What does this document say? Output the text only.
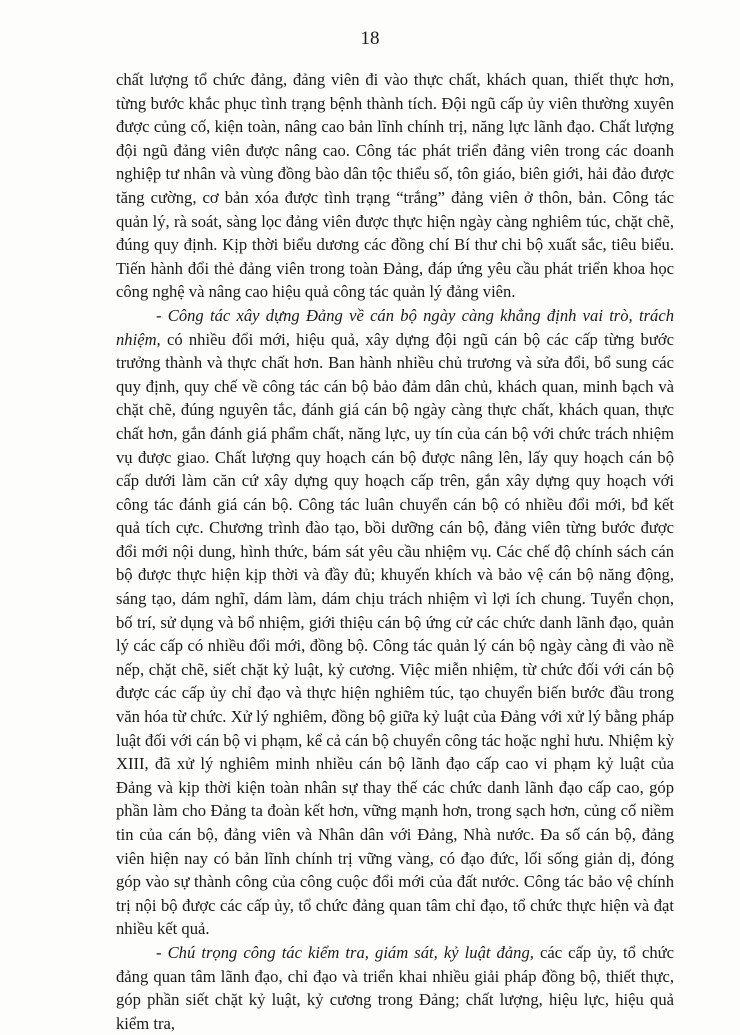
18

chất lượng tổ chức đảng, đảng viên đi vào thực chất, khách quan, thiết thực hơn, từng bước khắc phục tình trạng bệnh thành tích. Đội ngũ cấp ủy viên thường xuyên được củng cố, kiện toàn, nâng cao bản lĩnh chính trị, năng lực lãnh đạo. Chất lượng đội ngũ đảng viên được nâng cao. Công tác phát triển đảng viên trong các doanh nghiệp tư nhân và vùng đồng bào dân tộc thiểu số, tôn giáo, biên giới, hải đảo được tăng cường, cơ bản xóa được tình trạng “trắng” đảng viên ở thôn, bản. Công tác quản lý, rà soát, sàng lọc đảng viên được thực hiện ngày càng nghiêm túc, chặt chẽ, đúng quy định. Kịp thời biểu dương các đồng chí Bí thư chi bộ xuất sắc, tiêu biểu. Tiến hành đổi thẻ đảng viên trong toàn Đảng, đáp ứng yêu cầu phát triển khoa học công nghệ và nâng cao hiệu quả công tác quản lý đảng viên.

- Công tác xây dựng Đảng về cán bộ ngày càng khẳng định vai trò, trách nhiệm, có nhiều đổi mới, hiệu quả, xây dựng đội ngũ cán bộ các cấp từng bước trưởng thành và thực chất hơn. Ban hành nhiều chủ trương và sửa đổi, bổ sung các quy định, quy chế về công tác cán bộ bảo đảm dân chủ, khách quan, minh bạch và chặt chẽ, đúng nguyên tắc, đánh giá cán bộ ngày càng thực chất, khách quan, thực chất hơn, gắn đánh giá phẩm chất, năng lực, uy tín của cán bộ với chức trách nhiệm vụ được giao. Chất lượng quy hoạch cán bộ được nâng lên, lấy quy hoạch cán bộ cấp dưới làm căn cứ xây dựng quy hoạch cấp trên, gắn xây dựng quy hoạch với công tác đánh giá cán bộ. Công tác luân chuyển cán bộ có nhiều đổi mới, bđ kết quả tích cực. Chương trình đào tạo, bồi dưỡng cán bộ, đảng viên từng bước được đổi mới nội dung, hình thức, bám sát yêu cầu nhiệm vụ. Các chế độ chính sách cán bộ được thực hiện kịp thời và đầy đủ; khuyến khích và bảo vệ cán bộ năng động, sáng tạo, dám nghĩ, dám làm, dám chịu trách nhiệm vì lợi ích chung. Tuyển chọn, bố trí, sử dụng và bổ nhiệm, giới thiệu cán bộ ứng cử các chức danh lãnh đạo, quản lý các cấp có nhiều đổi mới, đồng bộ. Công tác quản lý cán bộ ngày càng đi vào nề nếp, chặt chẽ, siết chặt kỷ luật, kỷ cương. Việc miễn nhiệm, từ chức đối với cán bộ được các cấp ủy chỉ đạo và thực hiện nghiêm túc, tạo chuyển biến bước đầu trong văn hóa từ chức. Xử lý nghiêm, đồng bộ giữa kỷ luật của Đảng với xử lý bằng pháp luật đối với cán bộ vi phạm, kể cả cán bộ chuyển công tác hoặc nghỉ hưu. Nhiệm kỳ XIII, đã xử lý nghiêm minh nhiều cán bộ lãnh đạo cấp cao vi phạm kỷ luật của Đảng và kịp thời kiện toàn nhân sự thay thế các chức danh lãnh đạo cấp cao, góp phần làm cho Đảng ta đoàn kết hơn, vững mạnh hơn, trong sạch hơn, củng cố niềm tin của cán bộ, đảng viên và Nhân dân với Đảng, Nhà nước. Đa số cán bộ, đảng viên hiện nay có bản lĩnh chính trị vững vàng, có đạo đức, lối sống giản dị, đóng góp vào sự thành công của công cuộc đổi mới của đất nước. Công tác bảo vệ chính trị nội bộ được các cấp ủy, tổ chức đảng quan tâm chỉ đạo, tổ chức thực hiện và đạt nhiều kết quả.

- Chú trọng công tác kiểm tra, giám sát, kỷ luật đảng, các cấp ủy, tổ chức đảng quan tâm lãnh đạo, chỉ đạo và triển khai nhiều giải pháp đồng bộ, thiết thực, góp phần siết chặt kỷ luật, kỷ cương trong Đảng; chất lượng, hiệu lực, hiệu quả kiểm tra,
